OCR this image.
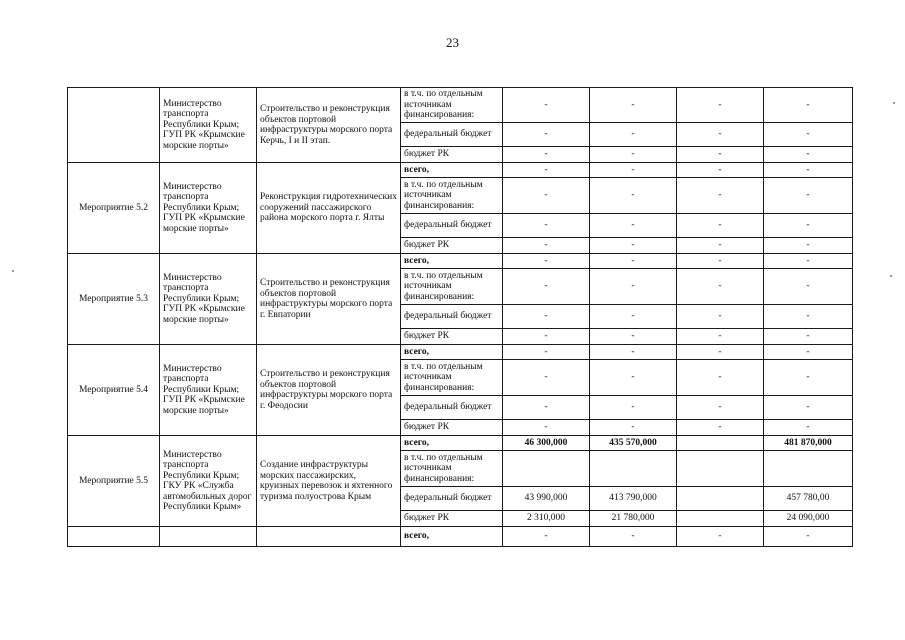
23
	Министерство транспорта Республики Крым; ГУП РК «Крымские морские порты»	Строительство и реконструкция объектов портовой инфраструктуры морского порта Керчь, I и II этап.	в т.ч. по отдельным источникам финансирования:	-	-	-	-
			федеральный бюджет	-	-	-	-
			бюджет РК	-	-	-	-
Мероприятие 5.2	Министерство транспорта Республики Крым; ГУП РК «Крымские морские порты»	Реконструкция гидротехнических сооружений пассажирского района морского порта г. Ялты	всего,	-	-	-	-
			в т.ч. по отдельным источникам финансирования:	-	-	-	-
			федеральный бюджет	-	-	-	-
			бюджет РК	-	-	-	-
Мероприятие 5.3	Министерство транспорта Республики Крым; ГУП РК «Крымские морские порты»	Строительство и реконструкция объектов портовой инфраструктуры морского порта г. Евпатории	всего,	-	-	-	-
			в т.ч. по отдельным источникам финансирования:	-	-	-	-
			федеральный бюджет	-	-	-	-
			бюджет РК	-	-	-	-
Мероприятие 5.4	Министерство транспорта Республики Крым; ГУП РК «Крымские морские порты»	Строительство и реконструкция объектов портовой инфраструктуры морского порта г. Феодосии	всего,	-	-	-	-
			в т.ч. по отдельным источникам финансирования:	-	-	-	-
			федеральный бюджет	-	-	-	-
			бюджет РК	-	-	-	-
Мероприятие 5.5	Министерство транспорта Республики Крым; ГКУ РК «Служба автомобильных дорог Республики Крым»	Создание инфраструктуры морских пассажирских, круизных перевозок и яхтенного туризма полуострова Крым	всего,	46 300,000	435 570,000		481 870,000
			в т.ч. по отдельным источникам финансирования:				
			федеральный бюджет	43 990,000	413 790,000		457 780,00
			бюджет РК	2 310,000	21 780,000		24 090,000
			всего,	-	-	-	-
